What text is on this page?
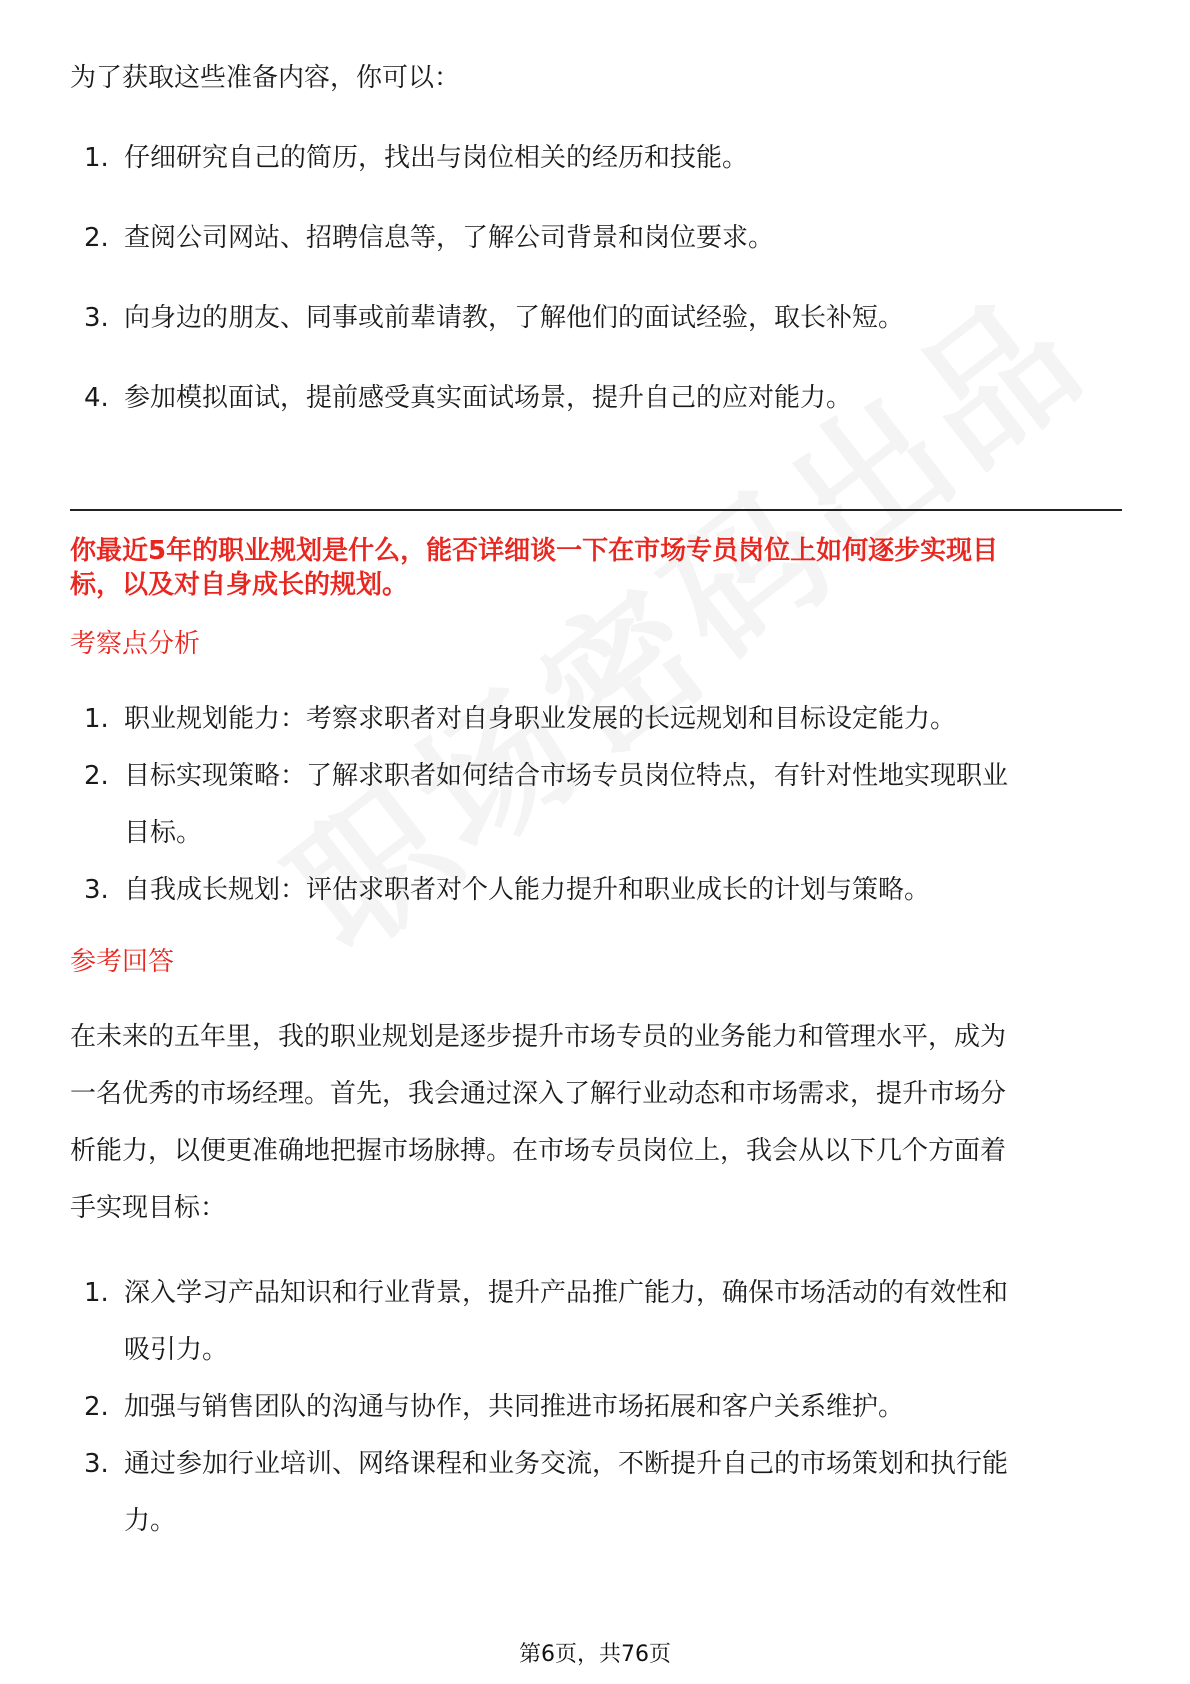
为了获取这些准备内容，你可以：
1. 仔细研究自己的简历，找出与岗位相关的经历和技能。
2. 查阅公司网站、招聘信息等，了解公司背景和岗位要求。
3. 向身边的朋友、同事或前辈请教，了解他们的面试经验，取长补短。
4. 参加模拟面试，提前感受真实面试场景，提升自己的应对能力。
你最近5年的职业规划是什么，能否详细谈一下在市场专员岗位上如何逐步实现目
标，以及对自身成长的规划。
考察点分析
1. 职业规划能力：考察求职者对自身职业发展的长远规划和目标设定能力。
2. 目标实现策略：了解求职者如何结合市场专员岗位特点，有针对性地实现职业
目标。
3. 自我成长规划：评估求职者对个人能力提升和职业成长的计划与策略。
参考回答
在未来的五年里，我的职业规划是逐步提升市场专员的业务能力和管理水平，成为
一名优秀的市场经理。首先，我会通过深入了解行业动态和市场需求，提升市场分
析能力，以便更准确地把握市场脉搏。在市场专员岗位上，我会从以下几个方面着
手实现目标：
1. 深入学习产品知识和行业背景，提升产品推广能力，确保市场活动的有效性和
吸引力。
2. 加强与销售团队的沟通与协作，共同推进市场拓展和客户关系维护。
3. 通过参加行业培训、网络课程和业务交流，不断提升自己的市场策划和执行能
力。
第6页，共76页
